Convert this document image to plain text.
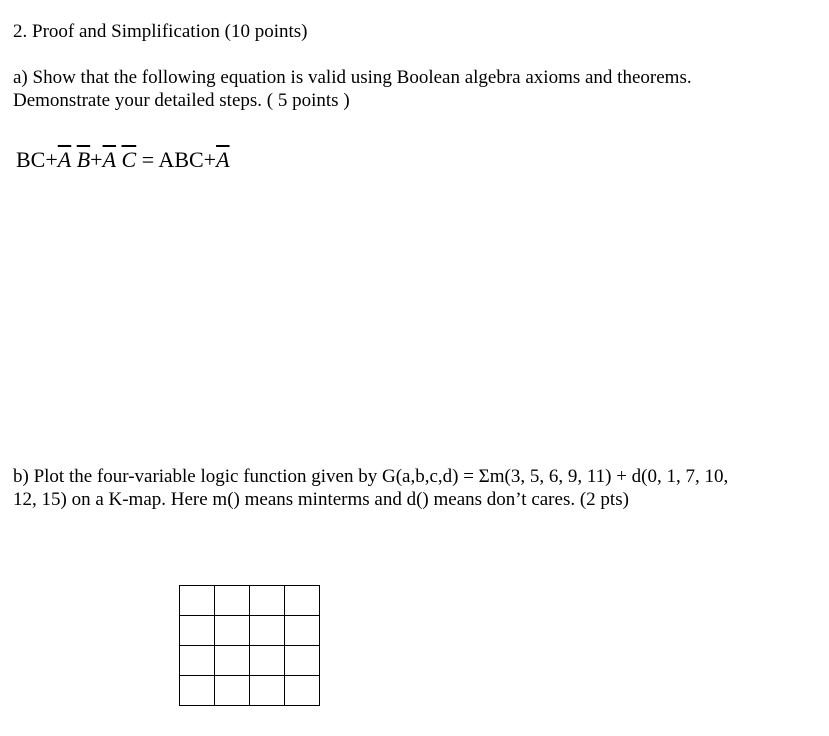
2. Proof and Simplification (10 points)
a) Show that the following equation is valid using Boolean algebra axioms and theorems.
Demonstrate your detailed steps. ( 5 points )
$BC+\overline{A}$ $\overline{B}+\overline{A}$ $\overline{C} = ABC+\overline{A}$
b) Plot the four-variable logic function given by G(a,b,c,d) = Σm(3, 5, 6, 9, 11) + d(0, 1, 7, 10,
12, 15) on a K-map. Here m() means minterms and d() means don’t cares. (2 pts)
